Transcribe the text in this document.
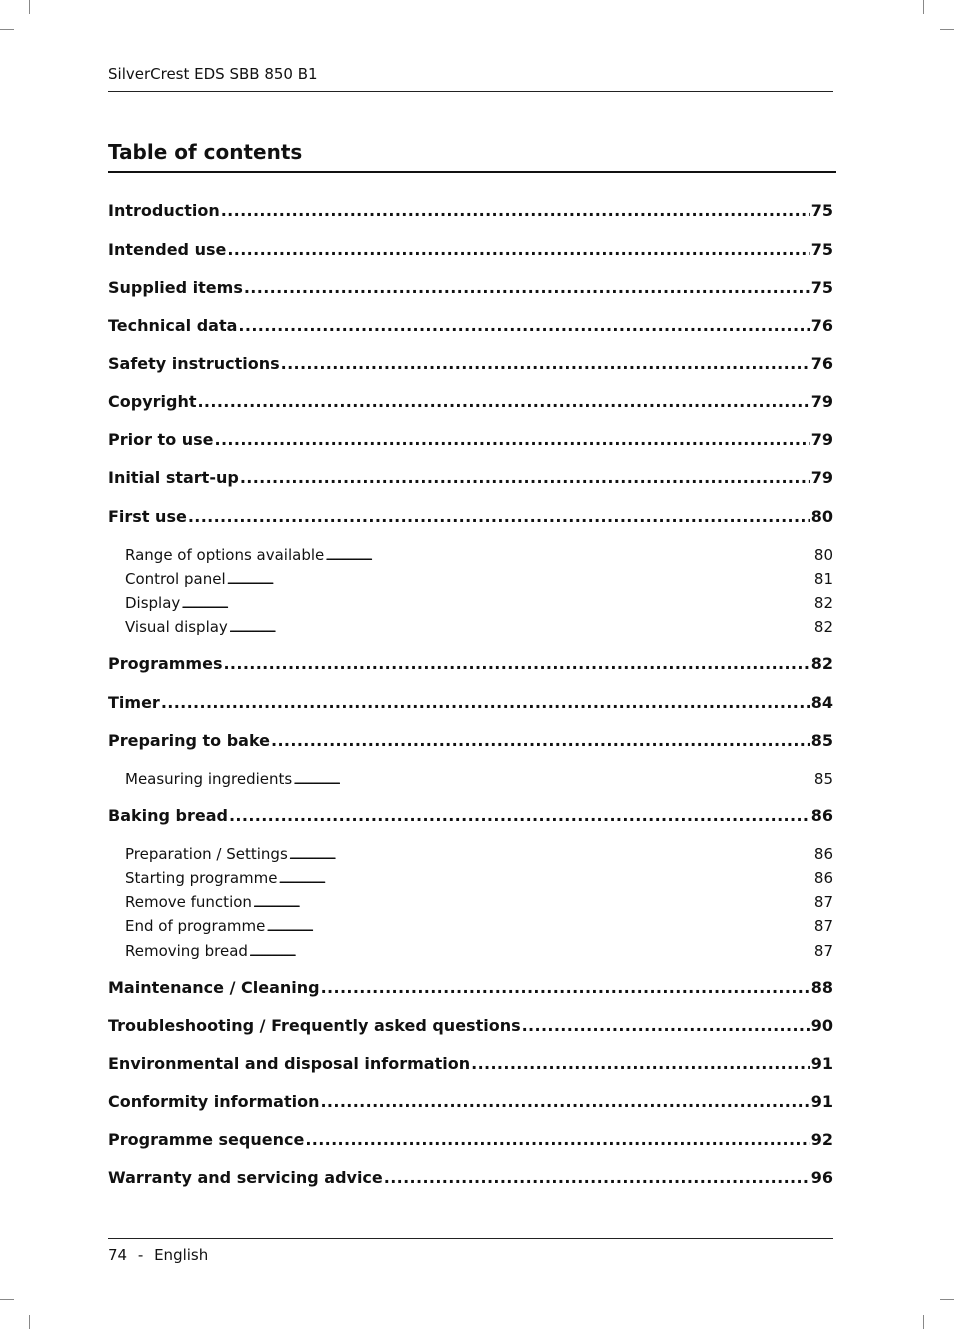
SilverCrest EDS SBB 850 B1
Table of contents
Introduction . . .	75
Intended use . . .	75
Supplied items . . .	75
Technical data . . .	76
Safety instructions . . .	76
Copyright . . .	79
Prior to use . . .	79
Initial start-up . . .	79
First use . . .	80
Range of options available . . .	80
Control panel . . .	81
Display . . .	82
Visual display . . .	82
Programmes . . .	82
Timer . . .	84
Preparing to bake . . .	85
Measuring ingredients . . .	85
Baking bread . . .	86
Preparation / Settings . . .	86
Starting programme . . .	86
Remove function . . .	87
End of programme . . .	87
Removing bread . . .	87
Maintenance / Cleaning . . .	88
Troubleshooting / Frequently asked questions . . .	90
Environmental and disposal information . . .	91
Conformity information . . .	91
Programme sequence . . .	92
Warranty and servicing advice . . .	96
74 - English
